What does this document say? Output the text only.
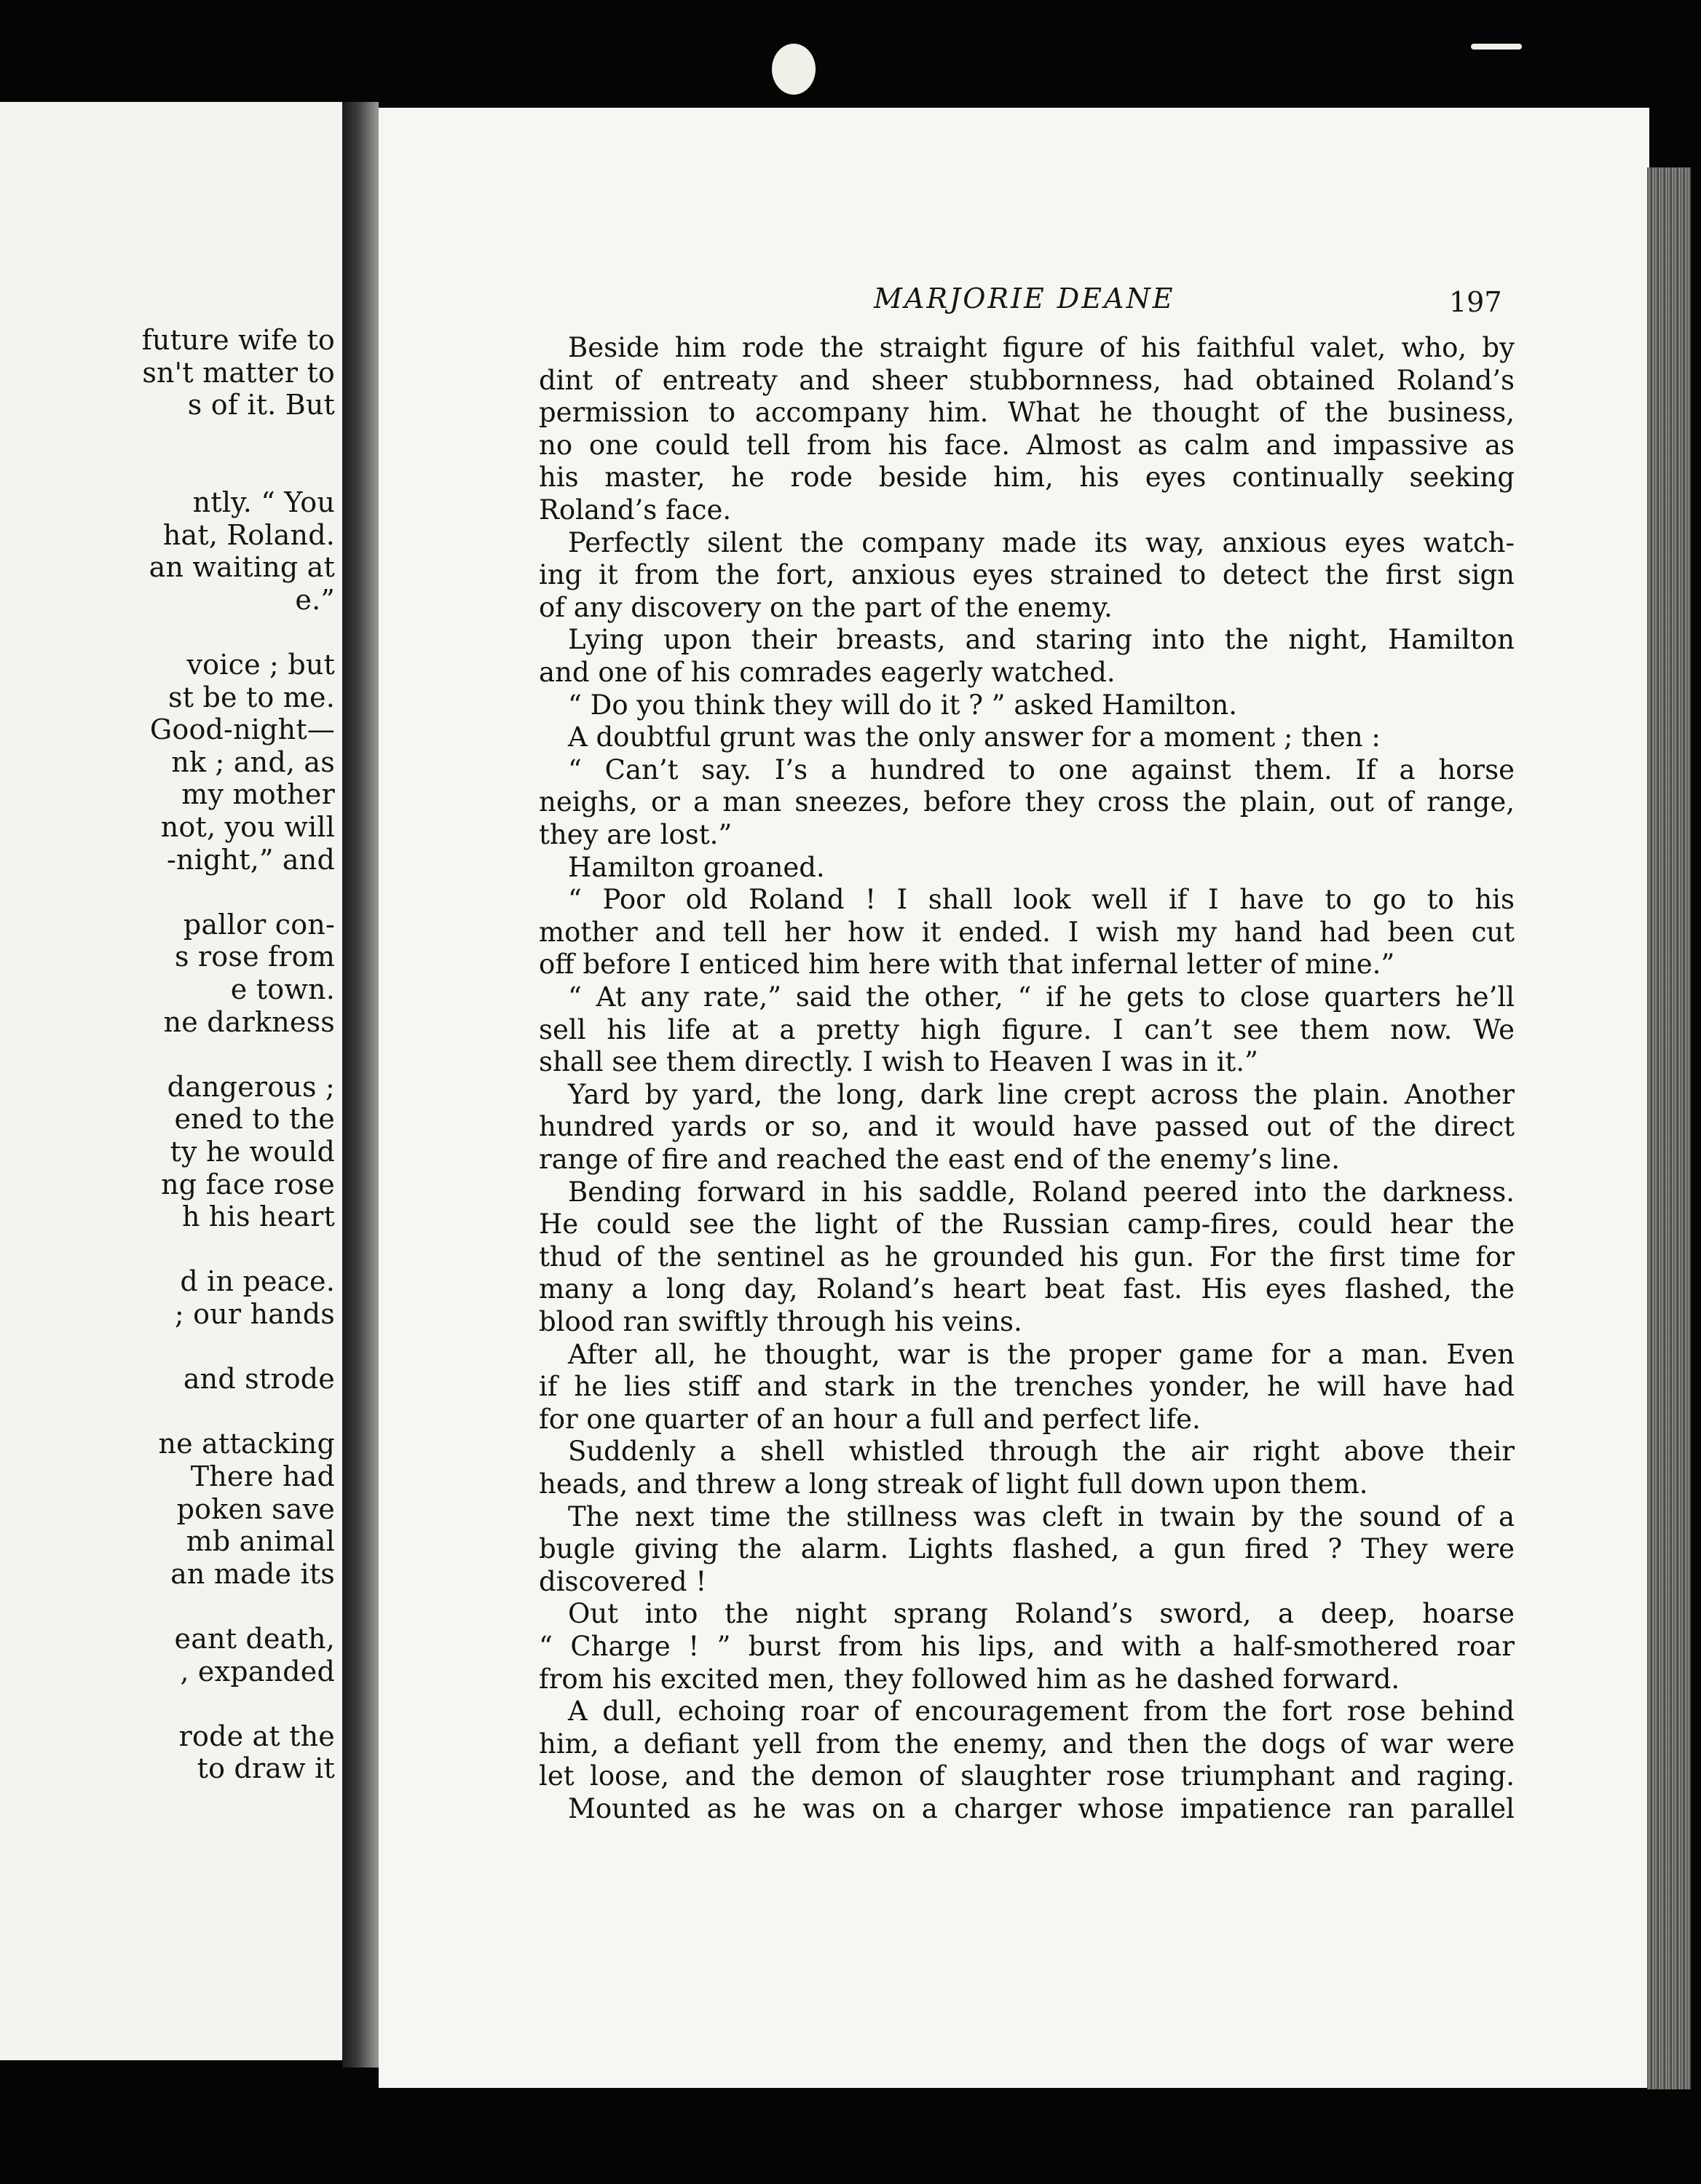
future wife to
sn't matter to
s of it. But
ntly. “ You
hat, Roland.
an waiting at
e.”
voice ; but
st be to me.
Good-night—
nk ; and, as
my mother
not, you will
-night,” and
pallor con-
s rose from
e town.
ne darkness
dangerous ;
ened to the
ty he would
ng face rose
h his heart
d in peace.
; our hands
and strode
ne attacking
There had
poken save
mb animal
an made its
eant death,
, expanded
rode at the
to draw it
MARJORIE DEANE	197
Beside him rode the straight figure of his faithful valet, who, by
dint of entreaty and sheer stubbornness, had obtained Roland’s
permission to accompany him. What he thought of the business,
no one could tell from his face. Almost as calm and impassive as
his master, he rode beside him, his eyes continually seeking
Roland’s face.
Perfectly silent the company made its way, anxious eyes watch-
ing it from the fort, anxious eyes strained to detect the first sign
of any discovery on the part of the enemy.
Lying upon their breasts, and staring into the night, Hamilton
and one of his comrades eagerly watched.
“ Do you think they will do it ? ” asked Hamilton.
A doubtful grunt was the only answer for a moment ; then :
“ Can’t say. I’s a hundred to one against them. If a horse
neighs, or a man sneezes, before they cross the plain, out of range,
they are lost.”
Hamilton groaned.
“ Poor old Roland ! I shall look well if I have to go to his
mother and tell her how it ended. I wish my hand had been cut
off before I enticed him here with that infernal letter of mine.”
“ At any rate,” said the other, “ if he gets to close quarters he’ll
sell his life at a pretty high figure. I can’t see them now. We
shall see them directly. I wish to Heaven I was in it.”
Yard by yard, the long, dark line crept across the plain. Another
hundred yards or so, and it would have passed out of the direct
range of fire and reached the east end of the enemy’s line.
Bending forward in his saddle, Roland peered into the darkness.
He could see the light of the Russian camp-fires, could hear the
thud of the sentinel as he grounded his gun. For the first time for
many a long day, Roland’s heart beat fast. His eyes flashed, the
blood ran swiftly through his veins.
After all, he thought, war is the proper game for a man. Even
if he lies stiff and stark in the trenches yonder, he will have had
for one quarter of an hour a full and perfect life.
Suddenly a shell whistled through the air right above their
heads, and threw a long streak of light full down upon them.
The next time the stillness was cleft in twain by the sound of a
bugle giving the alarm. Lights flashed, a gun fired ? They were
discovered !
Out into the night sprang Roland’s sword, a deep, hoarse
“ Charge ! ” burst from his lips, and with a half-smothered roar
from his excited men, they followed him as he dashed forward.
A dull, echoing roar of encouragement from the fort rose behind
him, a defiant yell from the enemy, and then the dogs of war were
let loose, and the demon of slaughter rose triumphant and raging.
Mounted as he was on a charger whose impatience ran parallel
